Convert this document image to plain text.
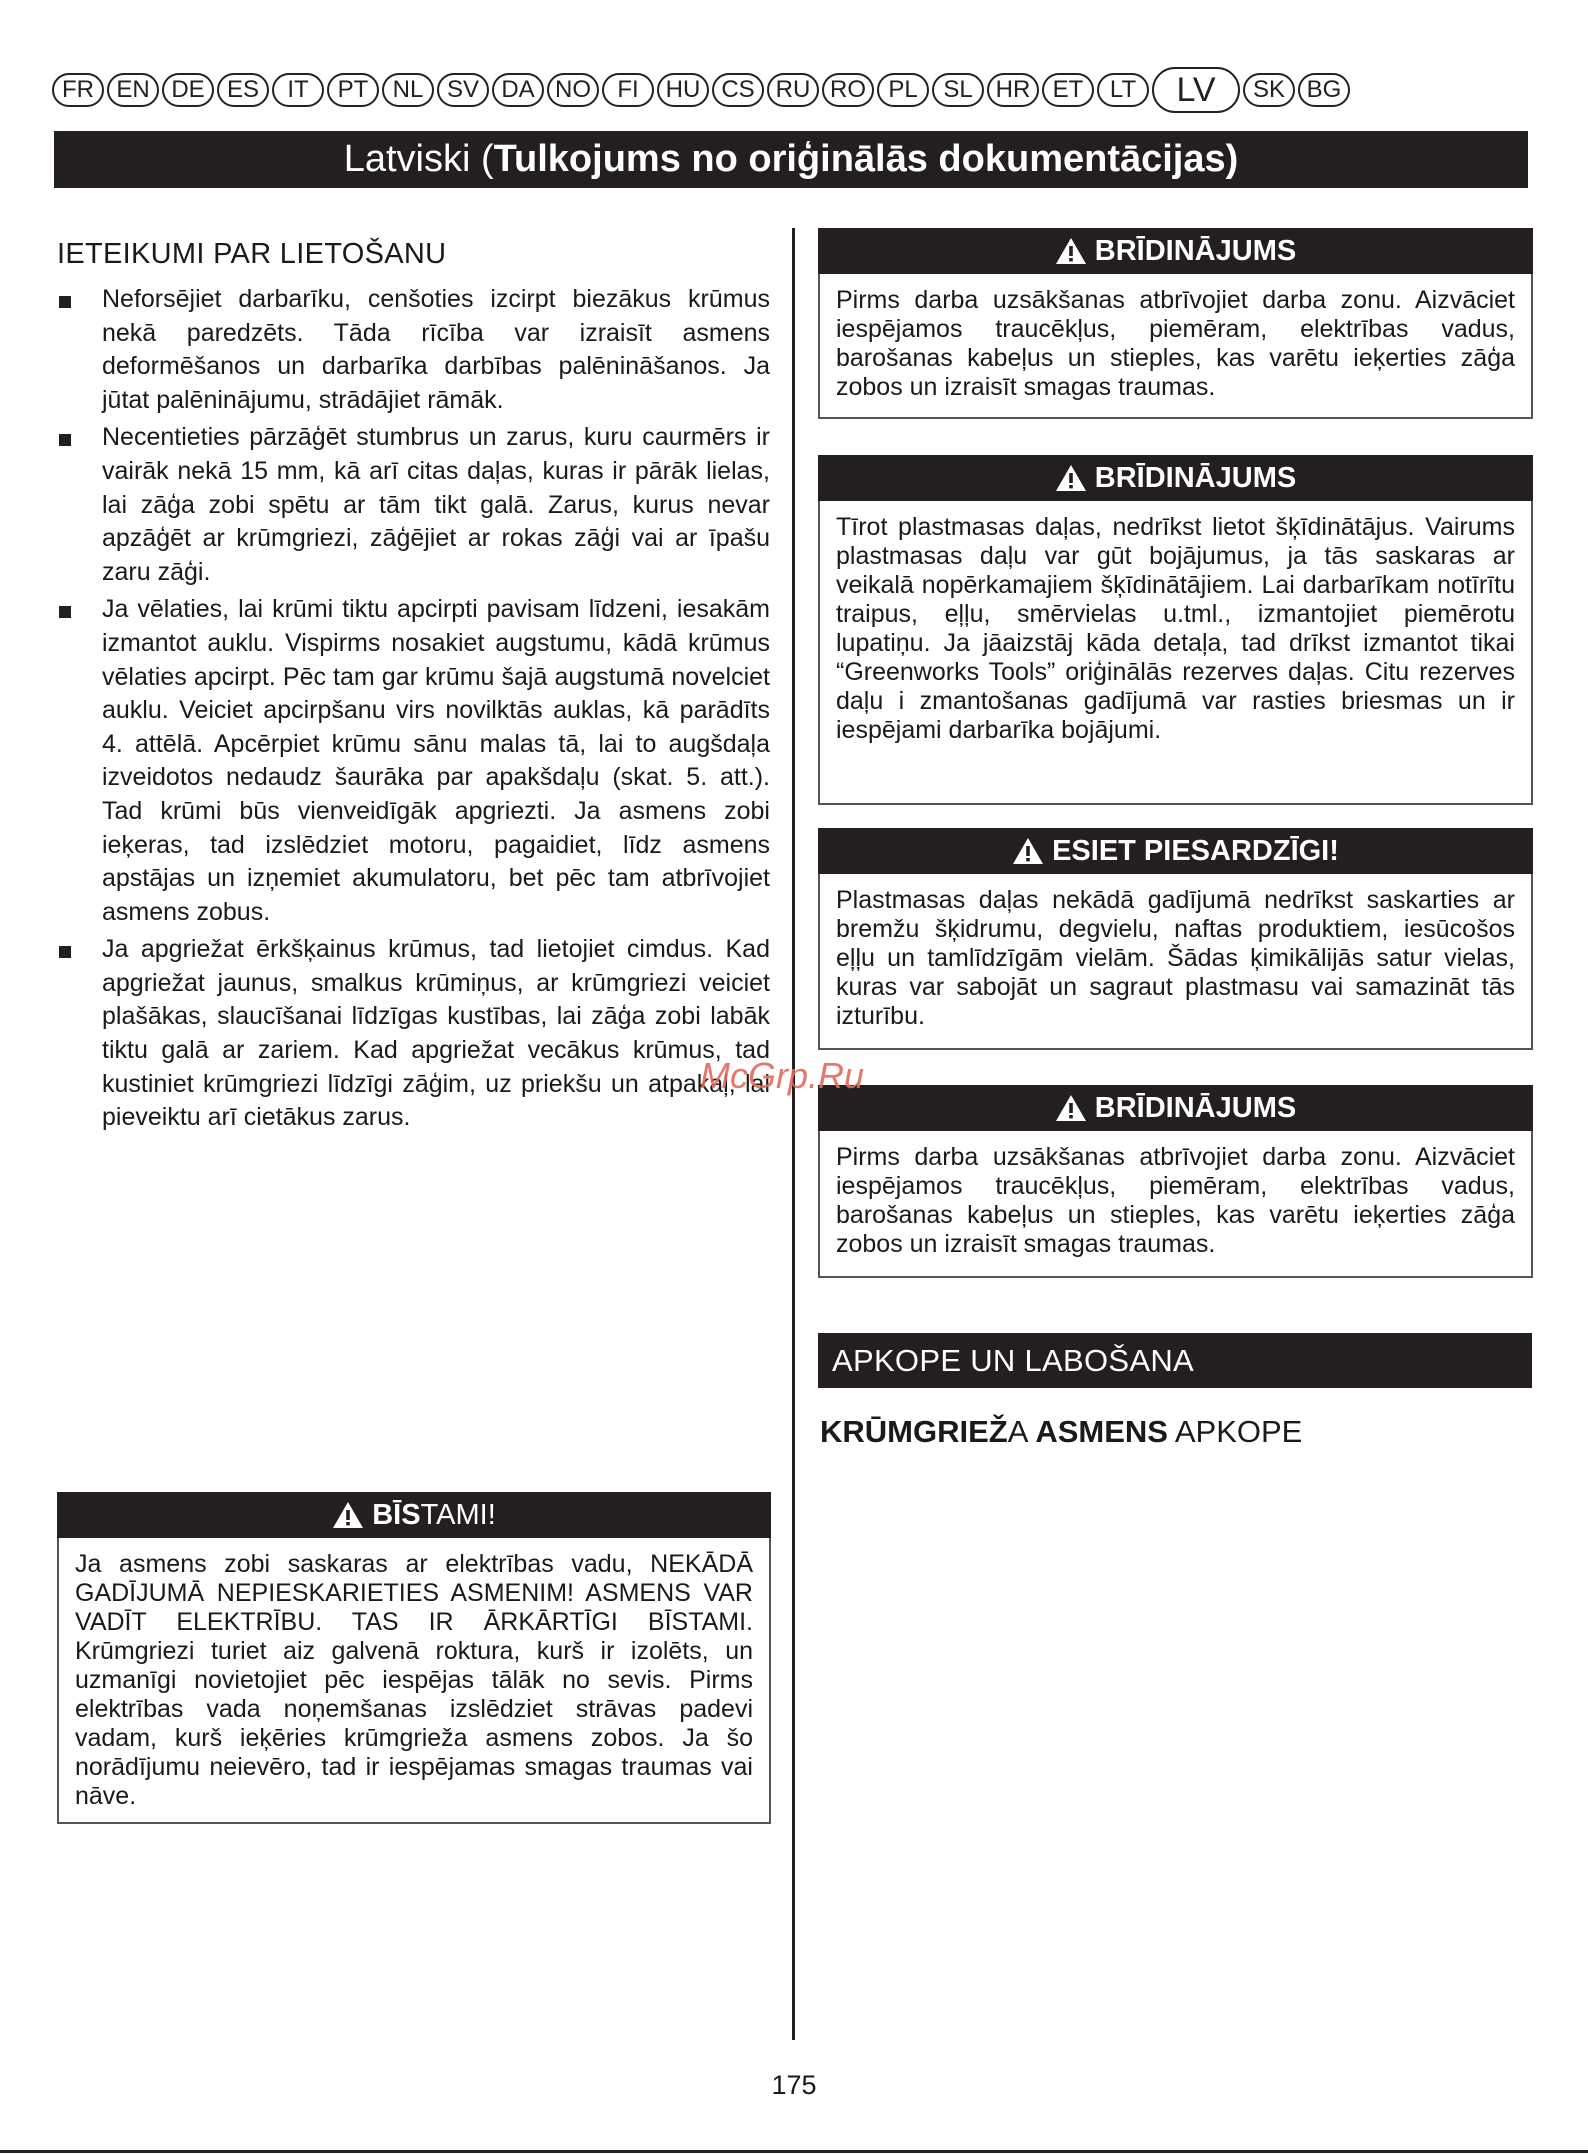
FR EN DE ES	IT	PT	NL SV DA NO	FI	HU CS RU RO PL	SL HR ET	LT	LV	SK BG
Latviski ( Tulkojums no oriģinālās dokumentācijas)
IETEIKUMI PAR LIETOŠANU
Neforsējiet darbarīku, cenšoties izcirpt biezākus krūmus nekā paredzēts. Tāda rīcība var izraisīt asmens deformēšanos un darbarīka darbības palēnināšanos. Ja jūtat palēninājumu, strādājiet rāmāk.
Necentieties pārzāģēt stumbrus un zarus, kuru caurmērs ir vairāk nekā 15 mm, kā arī citas daļas, kuras ir pārāk lielas, lai zāģa zobi spētu ar tām tikt galā. Zarus, kurus nevar apzāģēt ar krūmgriezi, zāģējiet ar rokas zāģi vai ar īpašu zaru zāģi.
Ja vēlaties, lai krūmi tiktu apcirpti pavisam līdzeni, iesakām izmantot auklu. Vispirms nosakiet augstumu, kādā krūmus vēlaties apcirpt. Pēc tam gar krūmu šajā augstumā novelciet auklu. Veiciet apcirpšanu virs novilktās auklas, kā parādīts 4. attēlā. Apcērpiet krūmu sānu malas tā, lai to augšdaļa izveidotos nedaudz šaurāka par apakšdaļu (skat. 5. att.). Tad krūmi būs vienveidīgāk apgriezti. Ja asmens zobi ieķeras, tad izslēdziet motoru, pagaidiet, līdz asmens apstājas un izņemiet akumulatoru, bet pēc tam atbrīvojiet asmens zobus.
Ja apgriežat ērkšķainus krūmus, tad lietojiet cimdus. Kad apgriežat jaunus, smalkus krūmiņus, ar krūmgriezi veiciet plašākas, slaucīšanai līdzīgas kustības, lai zāģa zobi labāk tiktu galā ar zariem. Kad apgriežat vecākus krūmus, tad kustiniet krūmgriezi līdzīgi zāģim, uz priekšu un atpakaļ, lai pieveiktu arī cietākus zarus.
BĪS TAMI!
Ja asmens zobi saskaras ar elektrības vadu, NEKĀDĀ GADĪJUMĀ NEPIESKARIETIES ASMENIM! ASMENS VAR VADĪT ELEKTRĪBU. TAS IR ĀRKĀRTĪGI BĪSTAMI. Krūmgriezi turiet aiz galvenā roktura, kurš ir izolēts, un uzmanīgi novietojiet pēc iespējas tālāk no sevis. Pirms elektrības vada noņemšanas izslēdziet strāvas padevi vadam, kurš ieķēries krūmgrieža asmens zobos. Ja šo norādījumu neievēro, tad ir iespējamas smagas traumas vai nāve.
BRĪDINĀJUMS
Pirms darba uzsākšanas atbrīvojiet darba zonu. Aizvāciet iespējamos traucēkļus, piemēram, elektrības vadus, barošanas kabeļus un stieples, kas varētu ieķerties zāģa zobos un izraisīt smagas traumas.
BRĪDINĀJUMS
Tīrot plastmasas daļas, nedrīkst lietot šķīdinātājus. Vairums plastmasas daļu var gūt bojājumus, ja tās saskaras ar veikalā nopērkamajiem šķīdinātājiem. Lai darbarīkam notīrītu traipus, eļļu, smērvielas u.tml., izmantojiet piemērotu lupatiņu. Ja jāaizstāj kāda detaļa, tad drīkst izmantot tikai “Greenworks Tools” oriģinālās rezerves daļas. Citu rezerves daļu i zmantošanas gadījumā var rasties briesmas un ir iespējami darbarīka bojājumi.
ESIET PIESARDZĪGI!
Plastmasas daļas nekādā gadījumā nedrīkst saskarties ar bremžu šķidrumu, degvielu, naftas produktiem, iesūcošos eļļu un tamlīdzīgām vielām. Šādas ķimikālijās satur vielas, kuras var sabojāt un sagraut plastmasu vai samazināt tās izturību.
BRĪDINĀJUMS
Pirms darba uzsākšanas atbrīvojiet darba zonu. Aizvāciet iespējamos traucēkļus, piemēram, elektrības vadus, barošanas kabeļus un stieples, kas varētu ieķerties zāģa zobos un izraisīt smagas traumas.
APKOPE UN LABOŠANA
KRŪMGRIEŽA ASMENS APKOPE
McGrp.Ru
175
